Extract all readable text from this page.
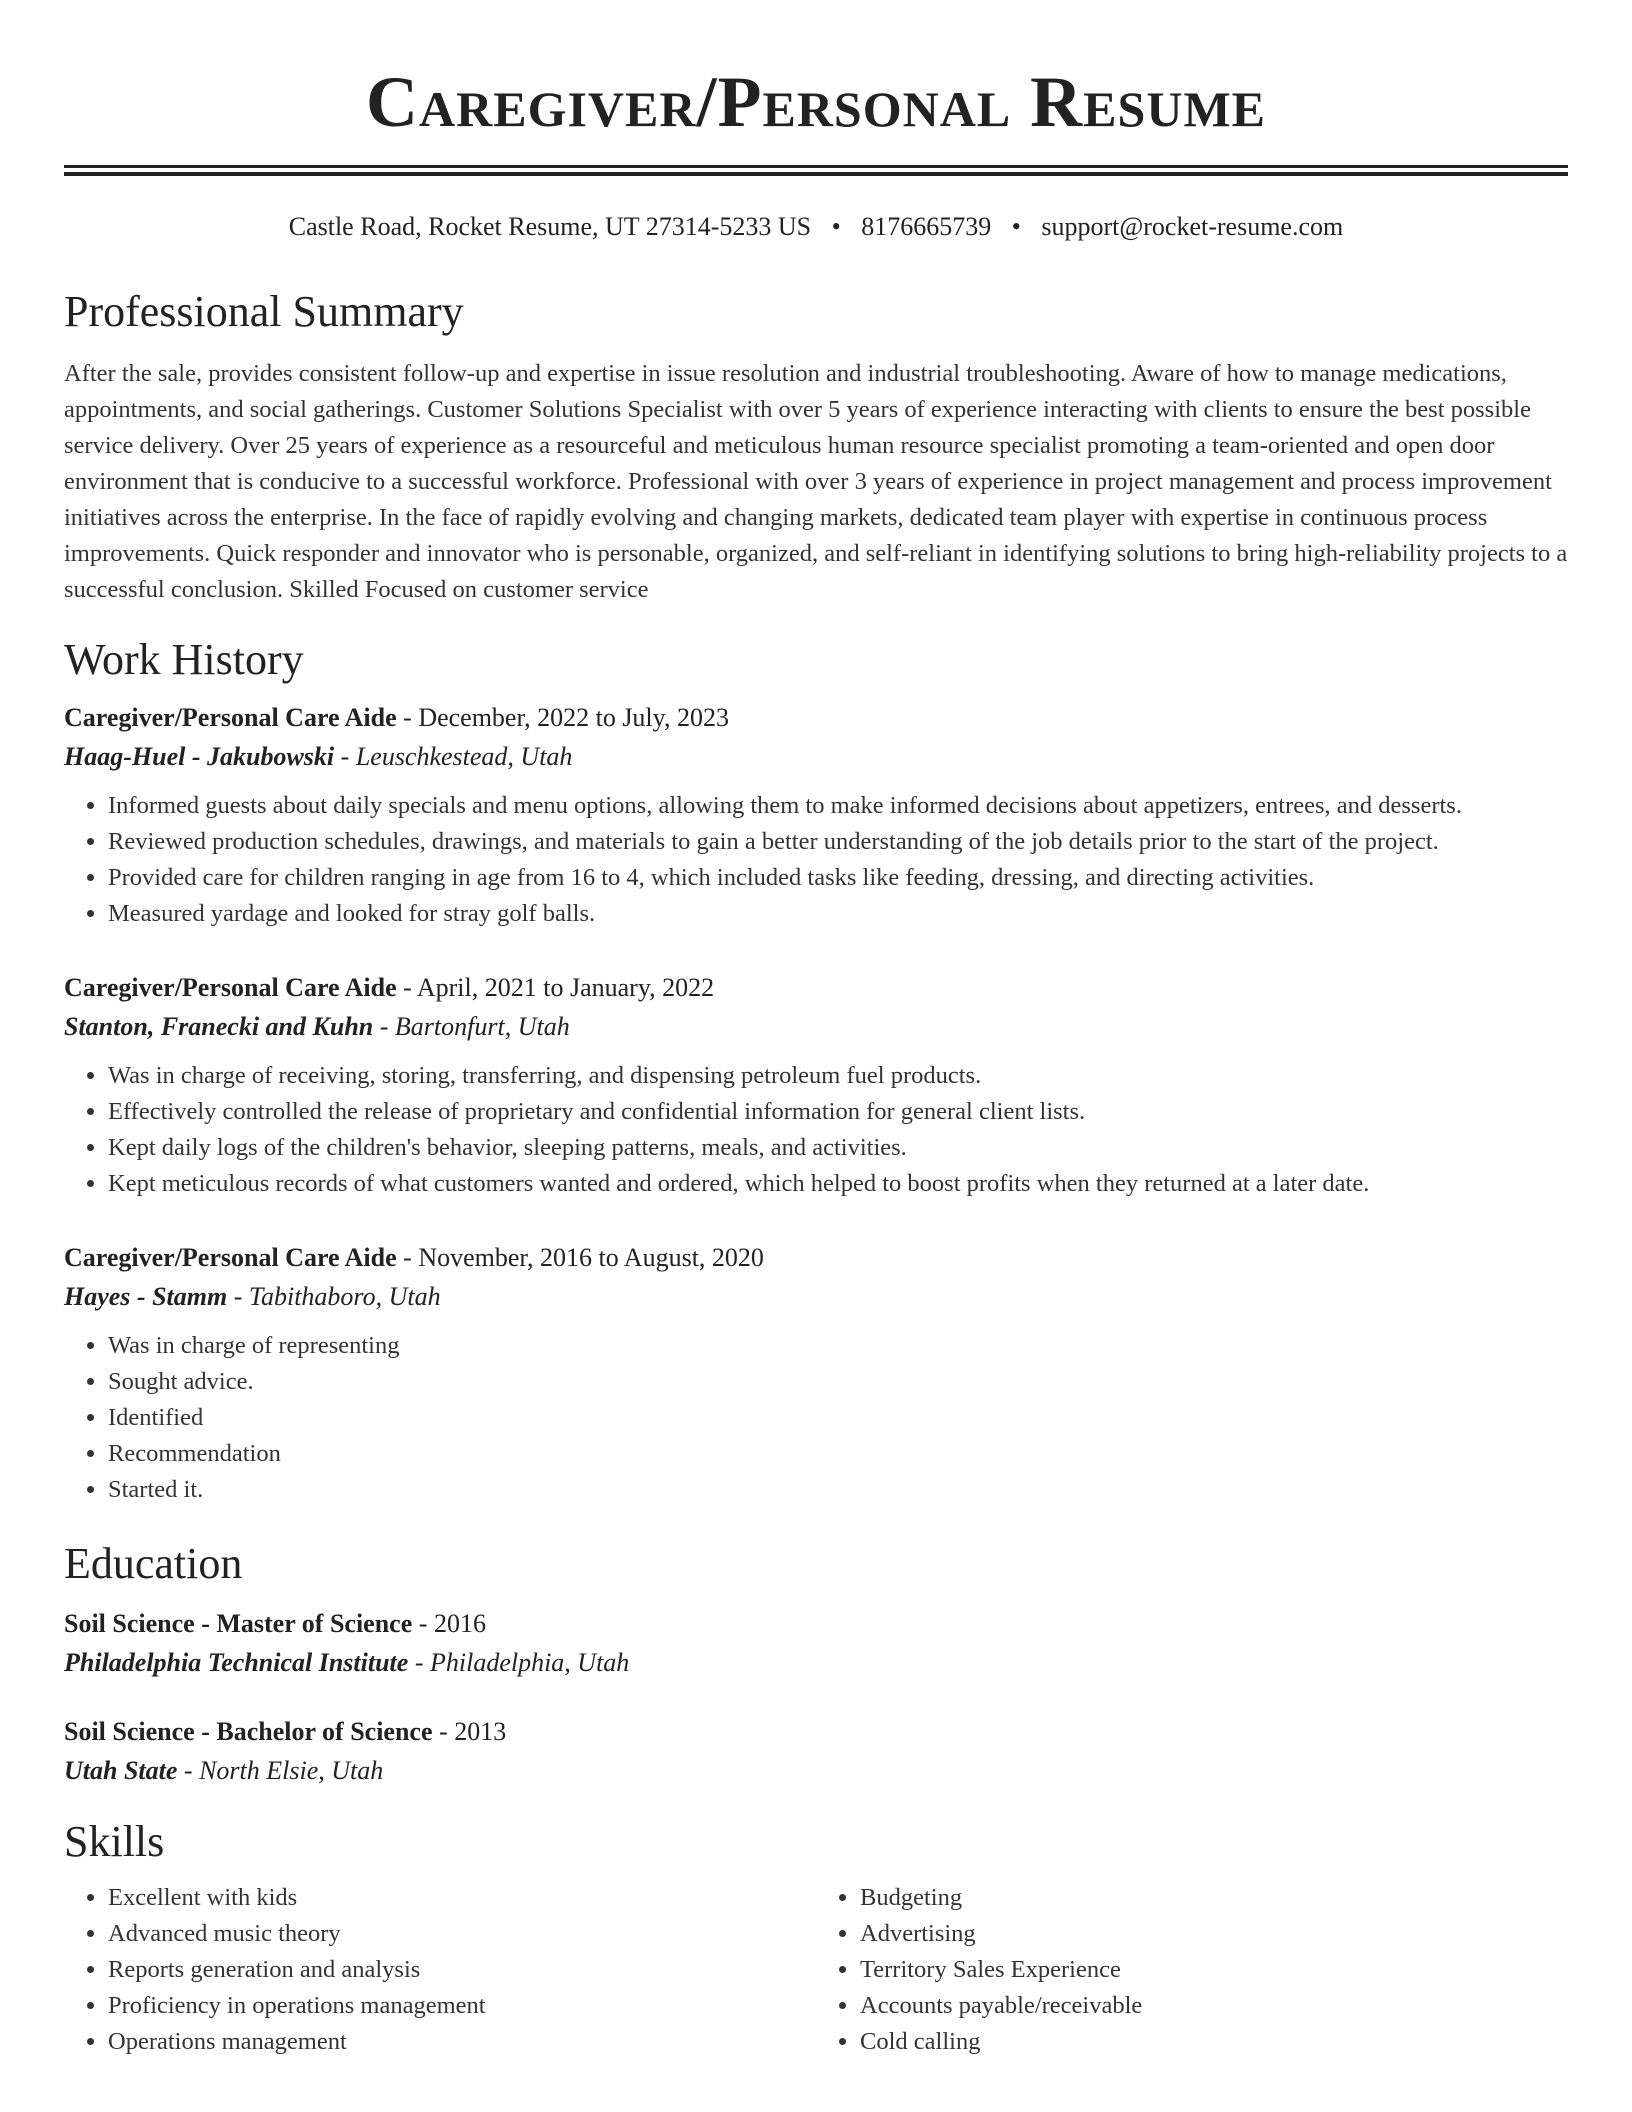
Caregiver/Personal Resume
Castle Road, Rocket Resume, UT 27314-5233 US • 8176665739 • support@rocket-resume.com
Professional Summary
After the sale, provides consistent follow-up and expertise in issue resolution and industrial troubleshooting. Aware of how to manage medications, appointments, and social gatherings. Customer Solutions Specialist with over 5 years of experience interacting with clients to ensure the best possible service delivery. Over 25 years of experience as a resourceful and meticulous human resource specialist promoting a team-oriented and open door environment that is conducive to a successful workforce. Professional with over 3 years of experience in project management and process improvement initiatives across the enterprise. In the face of rapidly evolving and changing markets, dedicated team player with expertise in continuous process improvements. Quick responder and innovator who is personable, organized, and self-reliant in identifying solutions to bring high-reliability projects to a successful conclusion. Skilled Focused on customer service
Work History
Caregiver/Personal Care Aide - December, 2022 to July, 2023
Haag-Huel - Jakubowski - Leuschkestead, Utah
• Informed guests about daily specials and menu options, allowing them to make informed decisions about appetizers, entrees, and desserts.
• Reviewed production schedules, drawings, and materials to gain a better understanding of the job details prior to the start of the project.
• Provided care for children ranging in age from 16 to 4, which included tasks like feeding, dressing, and directing activities.
• Measured yardage and looked for stray golf balls.
Caregiver/Personal Care Aide - April, 2021 to January, 2022
Stanton, Franecki and Kuhn - Bartonfurt, Utah
• Was in charge of receiving, storing, transferring, and dispensing petroleum fuel products.
• Effectively controlled the release of proprietary and confidential information for general client lists.
• Kept daily logs of the children's behavior, sleeping patterns, meals, and activities.
• Kept meticulous records of what customers wanted and ordered, which helped to boost profits when they returned at a later date.
Caregiver/Personal Care Aide - November, 2016 to August, 2020
Hayes - Stamm - Tabithaboro, Utah
• Was in charge of representing
• Sought advice.
• Identified
• Recommendation
• Started it.
Education
Soil Science - Master of Science - 2016
Philadelphia Technical Institute - Philadelphia, Utah
Soil Science - Bachelor of Science - 2013
Utah State - North Elsie, Utah
Skills
• Excellent with kids
• Advanced music theory
• Reports generation and analysis
• Proficiency in operations management
• Operations management
• Budgeting
• Advertising
• Territory Sales Experience
• Accounts payable/receivable
• Cold calling
